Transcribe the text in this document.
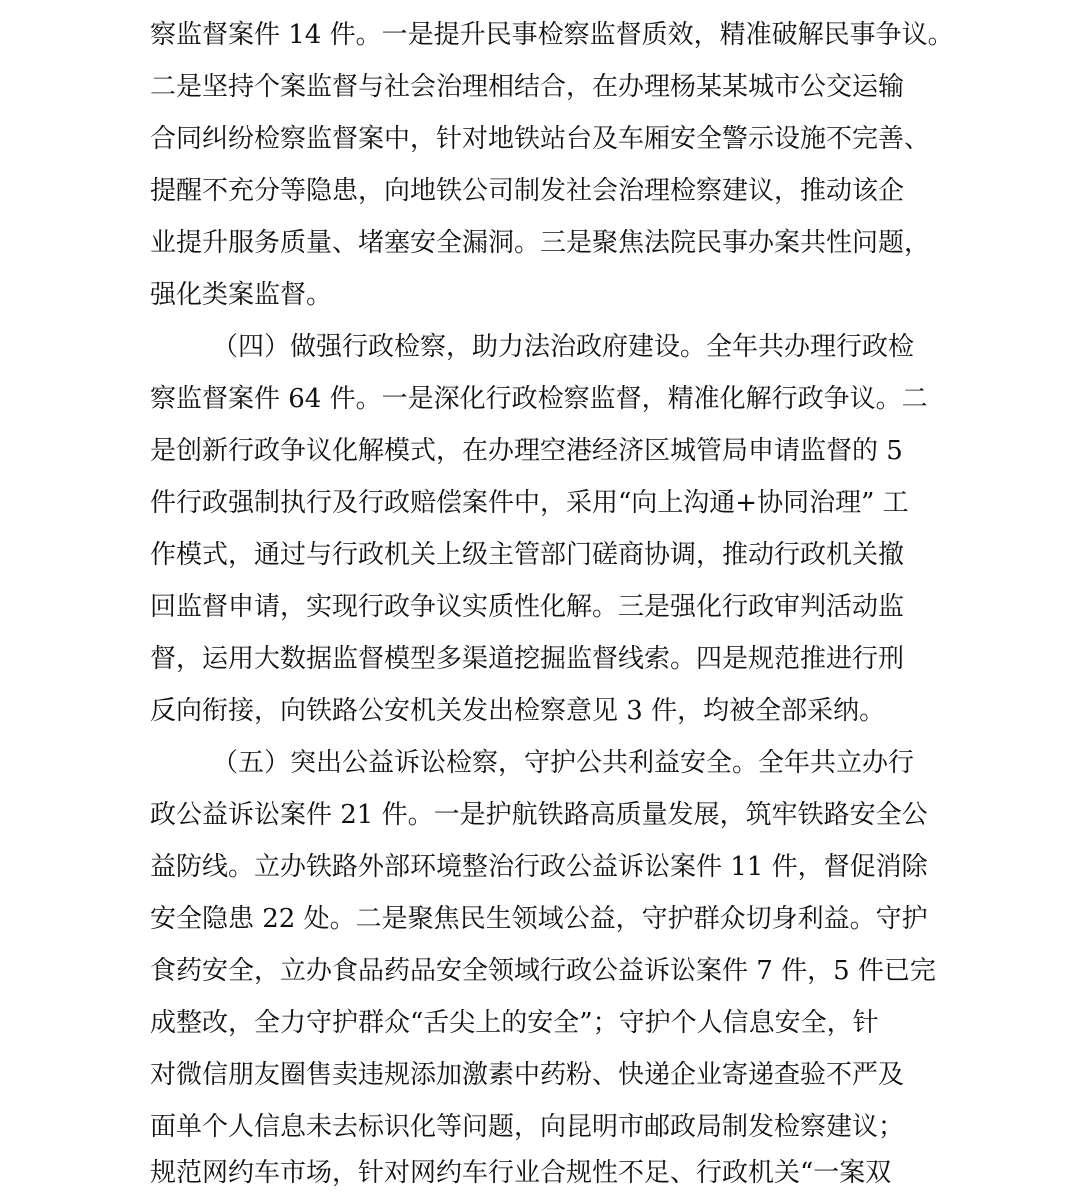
察监督案件 14 件。一是提升民事检察监督质效，精准破解民事争议。
二是坚持个案监督与社会治理相结合，在办理杨某某城市公交运输
合同纠纷检察监督案中，针对地铁站台及车厢安全警示设施不完善、
提醒不充分等隐患，向地铁公司制发社会治理检察建议，推动该企
业提升服务质量、堵塞安全漏洞。三是聚焦法院民事办案共性问题，
强化类案监督。
（四）做强行政检察，助力法治政府建设。全年共办理行政检
察监督案件 64 件。一是深化行政检察监督，精准化解行政争议。二
是创新行政争议化解模式，在办理空港经济区城管局申请监督的 5
件行政强制执行及行政赔偿案件中，采用“向上沟通+协同治理” 工
作模式，通过与行政机关上级主管部门磋商协调，推动行政机关撤
回监督申请，实现行政争议实质性化解。三是强化行政审判活动监
督，运用大数据监督模型多渠道挖掘监督线索。四是规范推进行刑
反向衔接，向铁路公安机关发出检察意见 3 件，均被全部采纳。
（五）突出公益诉讼检察，守护公共利益安全。全年共立办行
政公益诉讼案件 21 件。一是护航铁路高质量发展，筑牢铁路安全公
益防线。立办铁路外部环境整治行政公益诉讼案件 11 件，督促消除
安全隐患 22 处。二是聚焦民生领域公益，守护群众切身利益。守护
食药安全，立办食品药品安全领域行政公益诉讼案件 7 件，5 件已完
成整改，全力守护群众“舌尖上的安全”；守护个人信息安全，针
对微信朋友圈售卖违规添加激素中药粉、快递企业寄递查验不严及
面单个人信息未去标识化等问题，向昆明市邮政局制发检察建议；
规范网约车市场，针对网约车行业合规性不足、行政机关“一案双
